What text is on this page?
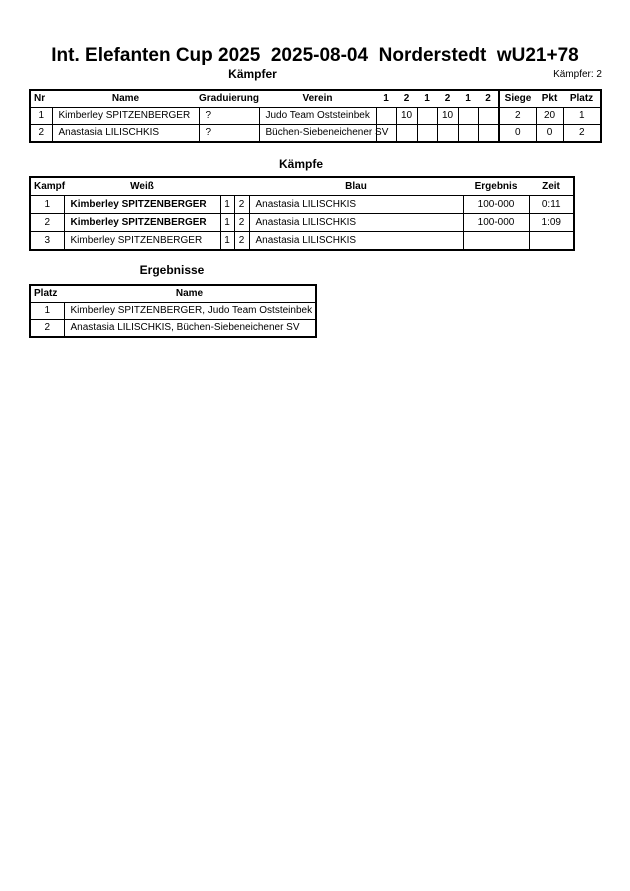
Int. Elefanten Cup 2025  2025-08-04  Norderstedt  wU21+78
Kämpfer	Kämpfer: 2
Nr	Name	Graduierung	Verein	1	2	1	2	1	2	Siege	Pkt	Platz
1	Kimberley SPITZENBERGER	?	Judo Team Oststeinbek		10		10			2	20	1
2	Anastasia LILISCHKIS	?	Büchen-Siebeneichener SV							0	0	2
Kämpfe
Kampf	Weiß			Blau	Ergebnis	Zeit
1	Kimberley SPITZENBERGER	1	2	Anastasia LILISCHKIS	100-000	0:11
2	Kimberley SPITZENBERGER	1	2	Anastasia LILISCHKIS	100-000	1:09
3	Kimberley SPITZENBERGER	1	2	Anastasia LILISCHKIS		
Ergebnisse
Platz	Name
1	Kimberley SPITZENBERGER, Judo Team Oststeinbek
2	Anastasia LILISCHKIS, Büchen-Siebeneichener SV
